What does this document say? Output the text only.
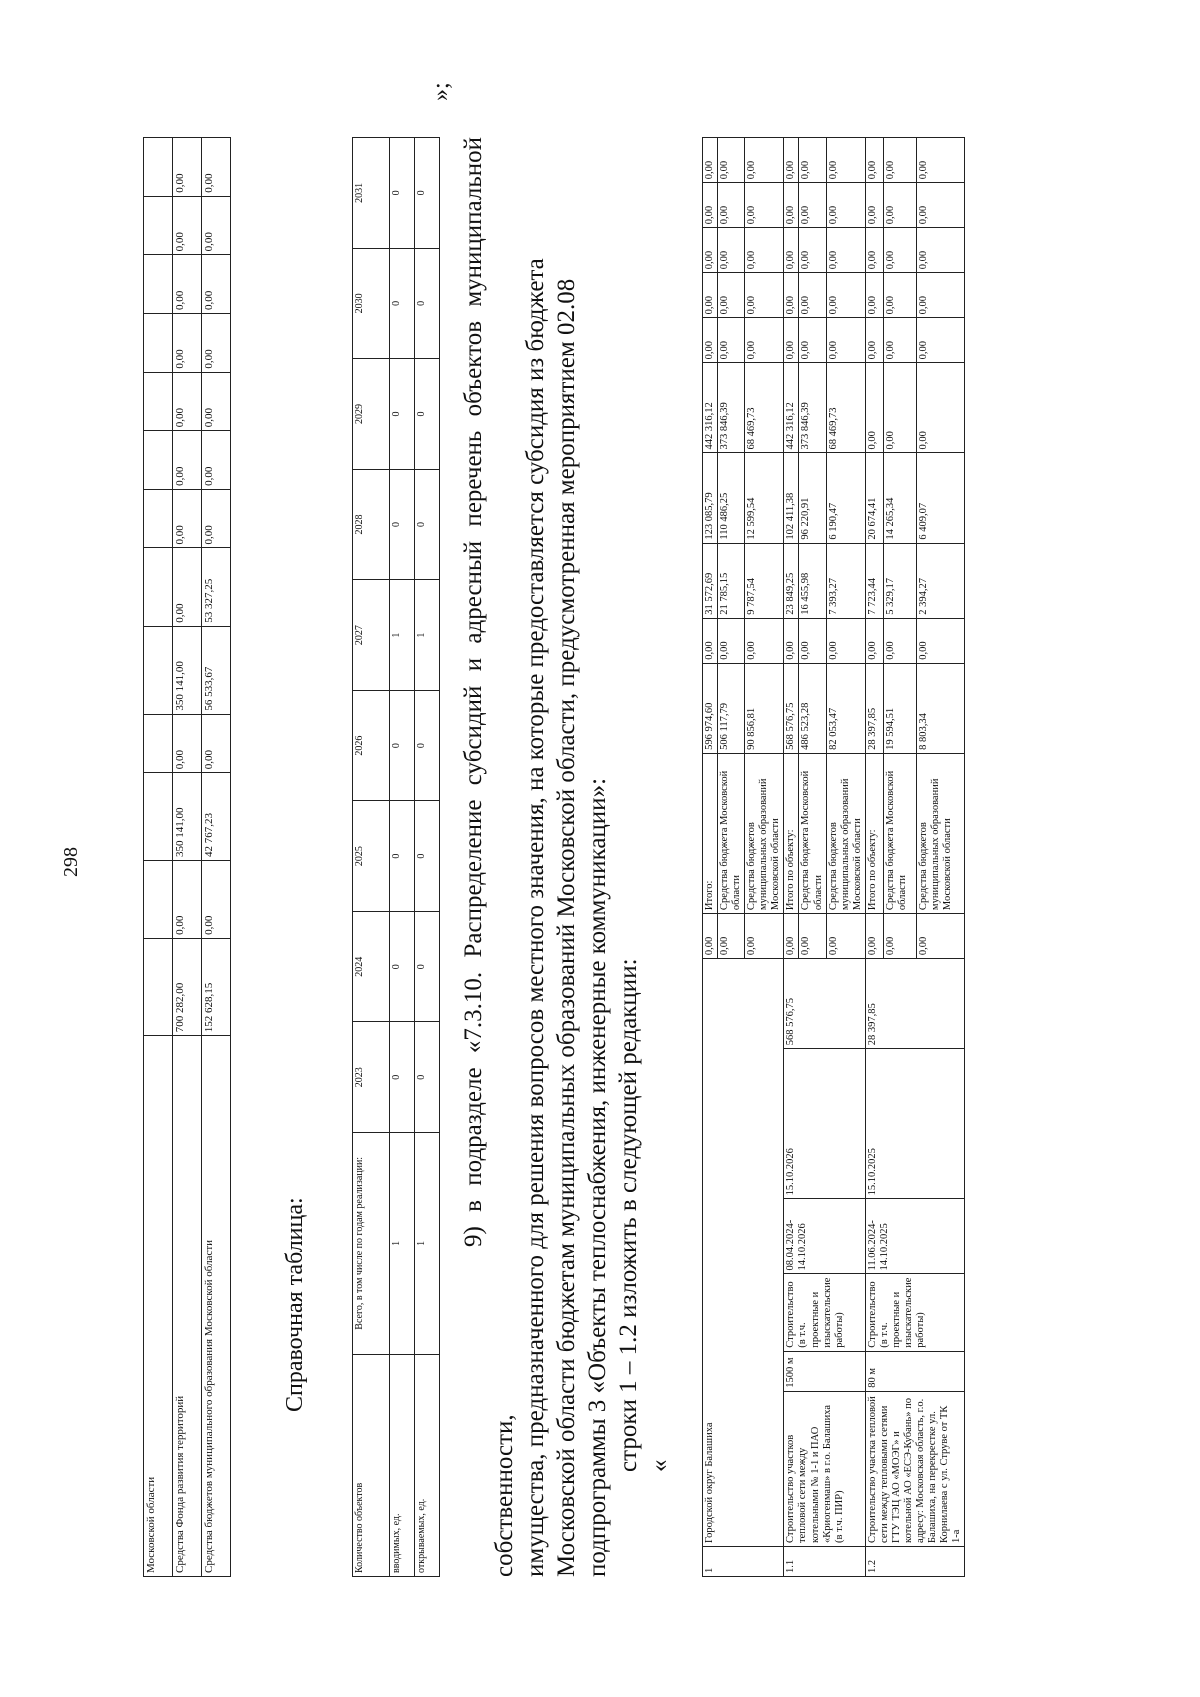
Московской области													
Средства Фонда развития территорий	700 282,00	0,00	350 141,00	0,00	350 141,00	0,00	0,00	0,00	0,00	0,00	0,00	0,00	0,00
Средства бюджетов муниципального образования Московской области	152 628,15	0,00	42 767,23	0,00	56 533,67	53 327,25	0,00	0,00	0,00	0,00	0,00	0,00	0,00
298
Справочная таблица:
Количество объектов	Всего, в том числе по годам реализации:	2023	2024	2025	2026	2027	2028	2029	2030	2031
вводимых, ед.	1	0	0	0	0	1	0	0	0	0
открываемых, ед.	1	0	0	0	0	1	0	0	0	0
»;
9) в подразделе «7.3.10. Распределение субсидий и адресный перечень объектов муниципальной собственности, имущества, предназначенного для решения вопросов местного значения, на которые предоставляется субсидия из бюджета Московской области бюджетам муниципальных образований Московской области, предусмотренная мероприятием 02.08 подпрограммы 3 «Объекты теплоснабжения, инженерные коммуникации»: строки 1 – 1.2 изложить в следующей редакции: «
1	Городской округ Балашиха						0,00	Итого:	596 974,60	0,00	31 572,69	123 085,79	442 316,12	0,00	0,00	0,00	0,00	0,00
							0,00	Средства бюджета Московской области	506 117,79	0,00	21 785,15	110 486,25	373 846,39	0,00	0,00	0,00	0,00	0,00
							0,00	Средства бюджетов муниципальных образований Московской области	90 856,81	0,00	9 787,54	12 599,54	68 469,73	0,00	0,00	0,00	0,00	0,00
1.1	Строительство участков тепловой сети между котельными № 1-1 и ПАО «Криогенмаш» в г.о. Балашиха (в т.ч. ПИР)	1500 м	Строительство (в т.ч. проектные и изыскательские работы)	08.04.2024-14.10.2026	15.10.2026	568 576,75	0,00	Итого по объекту:	568 576,75	0,00	23 849,25	102 411,38	442 316,12	0,00	0,00	0,00	0,00	0,00
							0,00	Средства бюджета Московской области	486 523,28	0,00	16 455,98	96 220,91	373 846,39	0,00	0,00	0,00	0,00	0,00
							0,00	Средства бюджетов муниципальных образований Московской области	82 053,47	0,00	7 393,27	6 190,47	68 469,73	0,00	0,00	0,00	0,00	0,00
1.2	Строительство участка тепловой сети между тепловыми сетями ГТУ ТЭЦ АО «МОЭГ» и котельной АО «ЕСЭ-Кубань» по адресу: Московская область, г.о. Балашиха, на перекрестке ул. Корнилаева с ул. Струве от ТК 1-а	80 м	Строительство (в т.ч. проектные и изыскательские работы)	11.06.2024-14.10.2025	15.10.2025	28 397,85	0,00	Итого по объекту:	28 397,85	0,00	7 723,44	20 674,41	0,00	0,00	0,00	0,00	0,00	0,00
							0,00	Средства бюджета Московской области	19 594,51	0,00	5 329,17	14 265,34	0,00	0,00	0,00	0,00	0,00	0,00
							0,00	Средства бюджетов муниципальных образований Московской области	8 803,34	0,00	2 394,27	6 409,07	0,00	0,00	0,00	0,00	0,00	0,00
